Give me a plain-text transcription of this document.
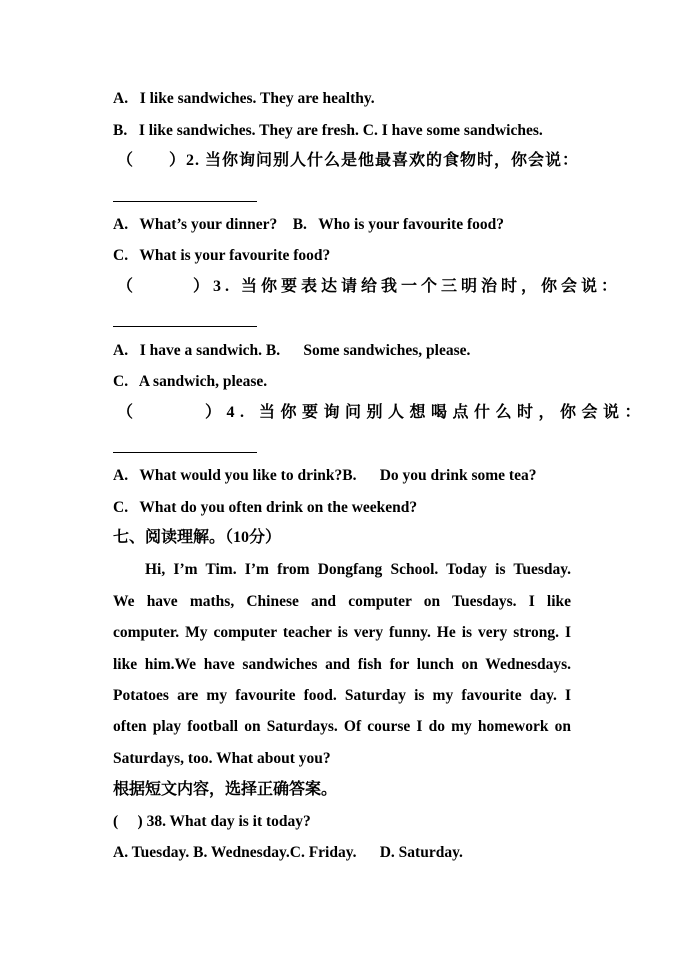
A.   I like sandwiches. They are healthy.
B.   I like sandwiches. They are fresh. C. I have some sandwiches.
（       ）2. 当你询问别人什么是他最喜欢的食物时，你会说：
A.   What’s your dinner?    B.   Who is your favourite food?
C.   What is your favourite food?
（       ）3. 当你要表达请给我一个三明治时，你会说：
A.   I have a sandwich. B.      Some sandwiches, please.
C.   A sandwich, please.
（       ）4. 当你要询问别人想喝点什么时，你会说：
A.   What would you like to drink?B.      Do you drink some tea?
C.   What do you often drink on the weekend?
七、阅读理解。（10分）
Hi, I’m Tim. I’m from Dongfang School. Today is Tuesday.
We have maths, Chinese and computer on Tuesdays. I like
computer. My computer teacher is very funny. He is very strong. I
like him.We have sandwiches and fish for lunch on Wednesdays.
Potatoes are my favourite food. Saturday is my favourite day. I
often play football on Saturdays. Of course I do my homework on
Saturdays, too. What about you?
根据短文内容，选择正确答案。
(     ) 38. What day is it today?
A. Tuesday. B. Wednesday.C. Friday.      D. Saturday.
